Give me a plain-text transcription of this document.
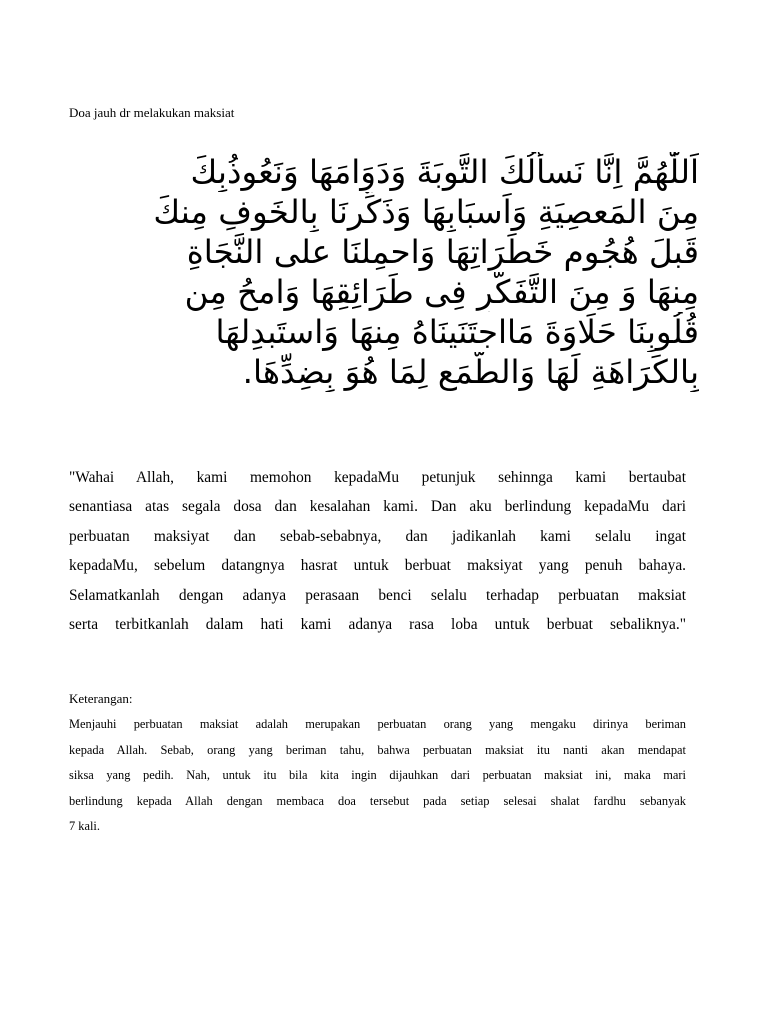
Doa jauh dr melakukan maksiat
اَللّٰهُمَّ اِنَّا نَسأَلُكَ التَّوبَةَ وَدَوَامَهَا وَنَعُوذُبِكَ
مِنَ المَعصِيَةِ وَاَسبَابِهَا وَذَكِّرنَا بِالخَوفِ مِنكَ
قَبلَ هُجُومِ خَطَرَاتِهَا وَاحمِلنَا على النَّجَاةِ
مِنهَا وَ مِنَ التَّفَكُّرِ فِى طَرَائِقِهَا وَامحُ مِن
قُلُوبِنَا حَلَاوَةَ مَااجتَنَينَاهُ مِنهَا وَاستَبدِلهَا
بِالكَرَاهَةِ لَهَا وَالطَّمَعِ لِمَا هُوَ بِضِدِّهَا.
"Wahai Allah, kami memohon kepadaMu petunjuk sehinnga kami bertaubat
senantiasa atas segala dosa dan kesalahan kami. Dan aku berlindung kepadaMu dari
perbuatan maksiyat dan sebab-sebabnya, dan jadikanlah kami selalu ingat
kepadaMu, sebelum datangnya hasrat untuk berbuat maksiyat yang penuh bahaya.
Selamatkanlah dengan adanya perasaan benci selalu terhadap perbuatan maksiat
serta terbitkanlah dalam hati kami adanya rasa loba untuk berbuat sebaliknya."

Keterangan:

Menjauhi perbuatan maksiat adalah merupakan perbuatan orang yang mengaku dirinya beriman
kepada Allah. Sebab, orang yang beriman tahu, bahwa perbuatan maksiat itu nanti akan mendapat
siksa yang pedih. Nah, untuk itu bila kita ingin dijauhkan dari perbuatan maksiat ini, maka mari
berlindung kepada Allah dengan membaca doa tersebut pada setiap selesai shalat fardhu sebanyak
7 kali.
